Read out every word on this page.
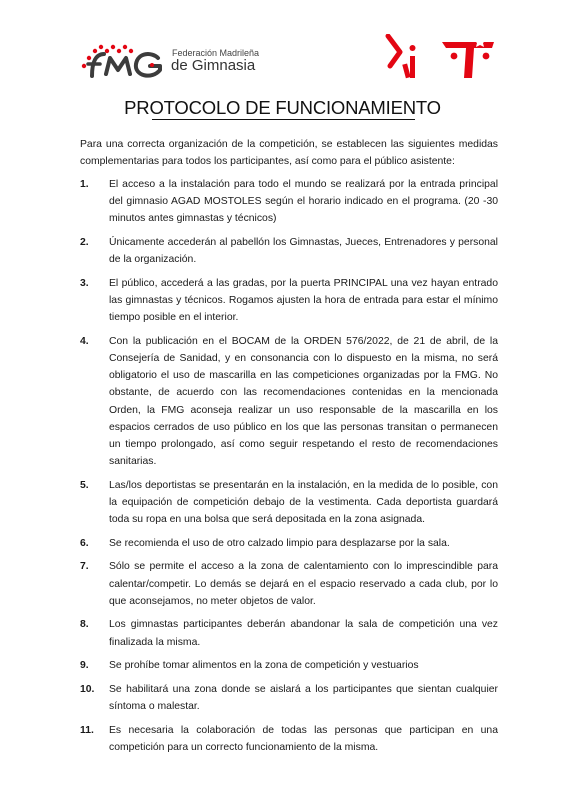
Federación Madrileña
de Gimnasia
PROTOCOLO DE FUNCIONAMIENTO
Para una correcta organización de la competición, se establecen las siguientes medidas complementarias para todos los participantes, así como para el público asistente:
1. El acceso a la instalación para todo el mundo se realizará por la entrada principal del gimnasio AGAD MOSTOLES según el horario indicado en el programa. (20 -30 minutos antes gimnastas y técnicos)
2. Únicamente accederán al pabellón los Gimnastas, Jueces, Entrenadores y personal de la organización.
3. El público, accederá a las gradas, por la puerta PRINCIPAL una vez hayan entrado las gimnastas y técnicos. Rogamos ajusten la hora de entrada para estar el mínimo tiempo posible en el interior.
4. Con la publicación en el BOCAM de la ORDEN 576/2022, de 21 de abril, de la Consejería de Sanidad, y en consonancia con lo dispuesto en la misma, no será obligatorio el uso de mascarilla en las competiciones organizadas por la FMG. No obstante, de acuerdo con las recomendaciones contenidas en la mencionada Orden, la FMG aconseja realizar un uso responsable de la mascarilla en los espacios cerrados de uso público en los que las personas transitan o permanecen un tiempo prolongado, así como seguir respetando el resto de recomendaciones sanitarias.
5. Las/los deportistas se presentarán en la instalación, en la medida de lo posible, con la equipación de competición debajo de la vestimenta. Cada deportista guardará toda su ropa en una bolsa que será depositada en la zona asignada.
6. Se recomienda el uso de otro calzado limpio para desplazarse por la sala.
7. Sólo se permite el acceso a la zona de calentamiento con lo imprescindible para calentar/competir. Lo demás se dejará en el espacio reservado a cada club, por lo que aconsejamos, no meter objetos de valor.
8. Los gimnastas participantes deberán abandonar la sala de competición una vez finalizada la misma.
9. Se prohíbe tomar alimentos en la zona de competición y vestuarios
10. Se habilitará una zona donde se aislará a los participantes que sientan cualquier síntoma o malestar.
11. Es necesaria la colaboración de todas las personas que participan en una competición para un correcto funcionamiento de la misma.
